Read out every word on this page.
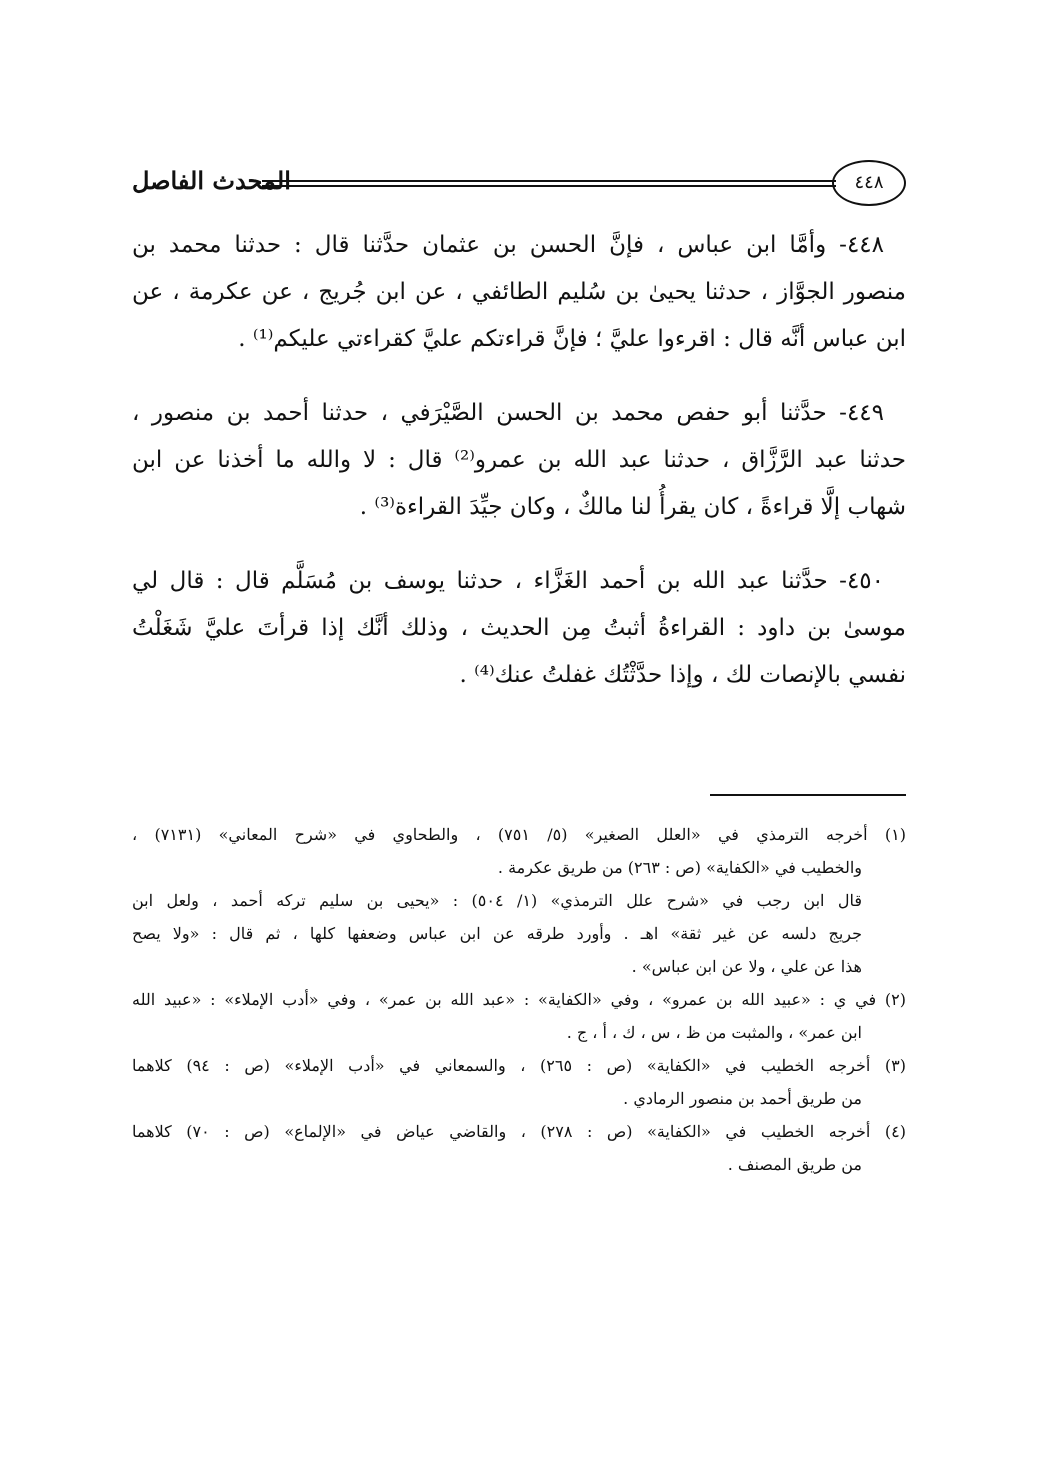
المحدث الفاصل	٤٤٨
٤٤٨- وأمَّا ابن عباس ، فإنَّ الحسن بن عثمان حدَّثنا قال : حدثنا محمد بن
منصور الجوَّاز ، حدثنا يحيىٰ بن سُليم الطائفي ، عن ابن جُريج ، عن عكرمة ، عن
ابن عباس أنَّه قال : اقرءوا عليَّ ؛ فإنَّ قراءتكم عليَّ كقراءتي عليكم⁽¹⁾ .
٤٤٩- حدَّثنا أبو حفص محمد بن الحسن الصَّيْرَفي ، حدثنا أحمد بن منصور ،
حدثنا عبد الرَّزَّاق ، حدثنا عبد الله بن عمرو⁽²⁾ قال : لا والله ما أخذنا عن ابن
شهاب إلَّا قراءةً ، كان يقرأُ لنا مالكٌ ، وكان جيِّدَ القراءة⁽³⁾ .
٤٥٠- حدَّثنا عبد الله بن أحمد الغَزَّاء ، حدثنا يوسف بن مُسَلَّم قال : قال لي
موسىٰ بن داود : القراءةُ أثبتُ مِن الحديث ، وذلك أنَّك إذا قرأتَ عليَّ شَغَلْتُ
نفسي بالإنصات لك ، وإذا حدَّثْتُك غفلتُ عنك⁽⁴⁾ .
(١) أخرجه الترمذي في «العلل الصغير» (٥/ ٧٥١) ، والطحاوي في «شرح المعاني» (٧١٣١) ،
والخطيب في «الكفاية» (ص : ٢٦٣) من طريق عكرمة .
قال ابن رجب في «شرح علل الترمذي» (١/ ٥٠٤) : «يحيى بن سليم تركه أحمد ، ولعل ابن
جريج دلسه عن غير ثقة» اهـ . وأورد طرقه عن ابن عباس وضعفها كلها ، ثم قال : «ولا يصح
هذا عن علي ، ولا عن ابن عباس» .
(٢) في ي : «عبيد الله بن عمرو» ، وفي «الكفاية» : «عبد الله بن عمر» ، وفي «أدب الإملاء» : «عبيد الله
ابن عمر» ، والمثبت من ظ ، س ، ك ، أ ، ج .
(٣) أخرجه الخطيب في «الكفاية» (ص : ٢٦٥) ، والسمعاني في «أدب الإملاء» (ص : ٩٤) كلاهما
من طريق أحمد بن منصور الرمادي .
(٤) أخرجه الخطيب في «الكفاية» (ص : ٢٧٨) ، والقاضي عياض في «الإلماع» (ص : ٧٠) كلاهما
من طريق المصنف .
